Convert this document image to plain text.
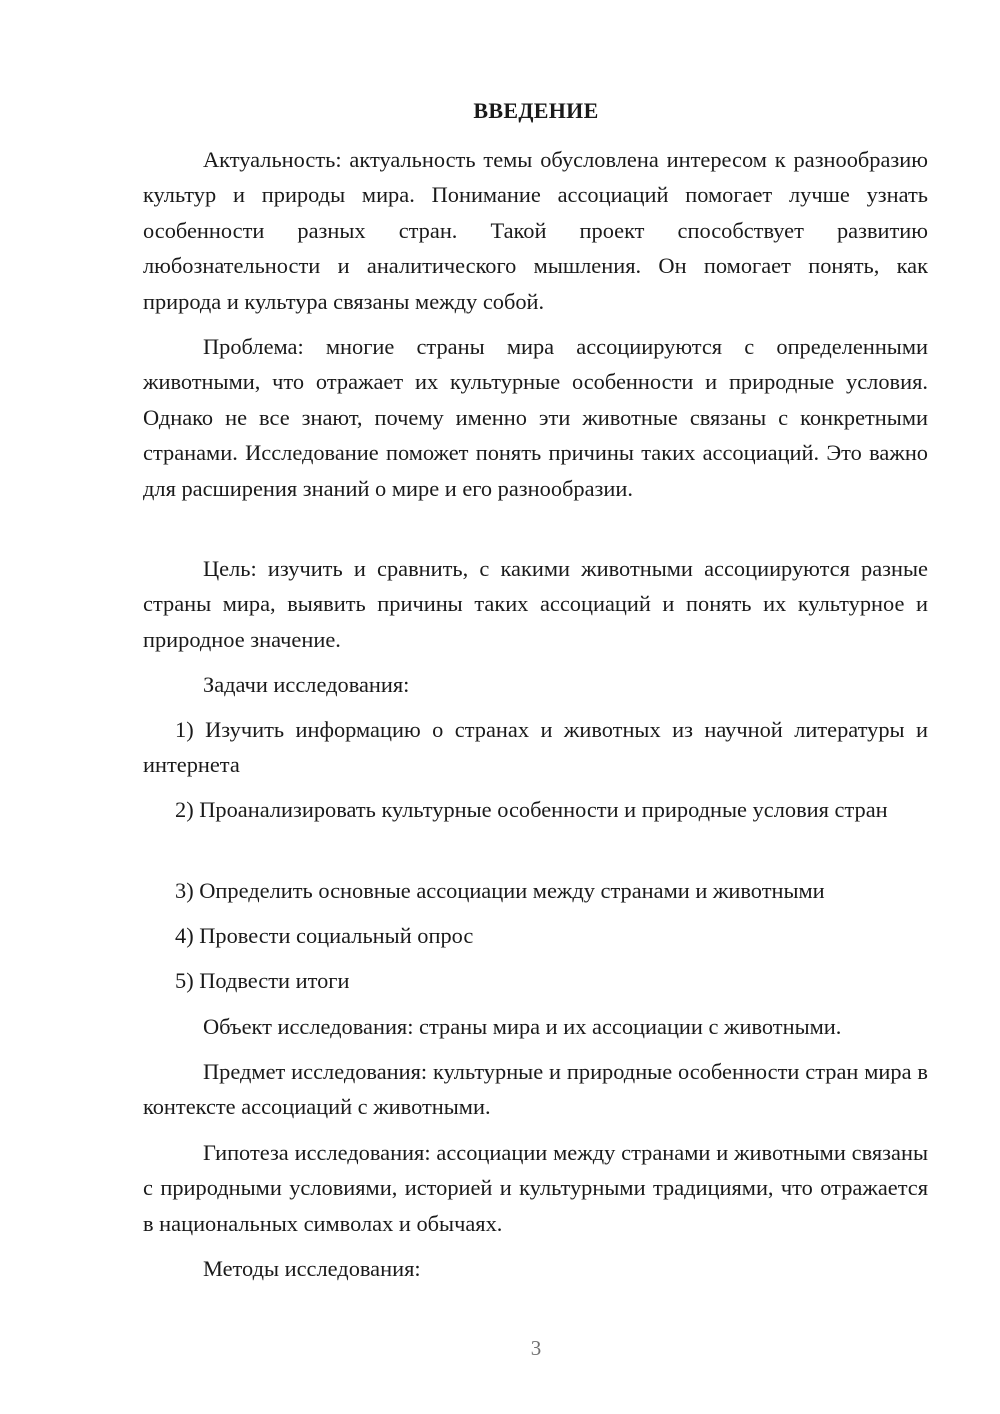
ВВЕДЕНИЕ

Актуальность: актуальность темы обусловлена интересом к разнообразию культур и природы мира. Понимание ассоциаций помогает лучше узнать особенности разных стран. Такой проект способствует развитию любознательности и аналитического мышления. Он помогает понять, как природа и культура связаны между собой.

Проблема: многие страны мира ассоциируются с определенными животными, что отражает их культурные особенности и природные условия. Однако не все знают, почему именно эти животные связаны с конкретными странами. Исследование поможет понять причины таких ассоциаций. Это важно для расширения знаний о мире и его разнообразии.

Цель: изучить и сравнить, с какими животными ассоциируются разные страны мира, выявить причины таких ассоциаций и понять их культурное и природное значение.

Задачи исследования:

1) Изучить информацию о странах и животных из научной литературы и интернета

2) Проанализировать культурные особенности и природные условия стран

3) Определить основные ассоциации между странами и животными

4) Провести социальный опрос

5) Подвести итоги

Объект исследования: страны мира и их ассоциации с животными.

Предмет исследования: культурные и природные особенности стран мира в контексте ассоциаций с животными.

Гипотеза исследования: ассоциации между странами и животными связаны с природными условиями, историей и культурными традициями, что отражается в национальных символах и обычаях.

Методы исследования:

3
